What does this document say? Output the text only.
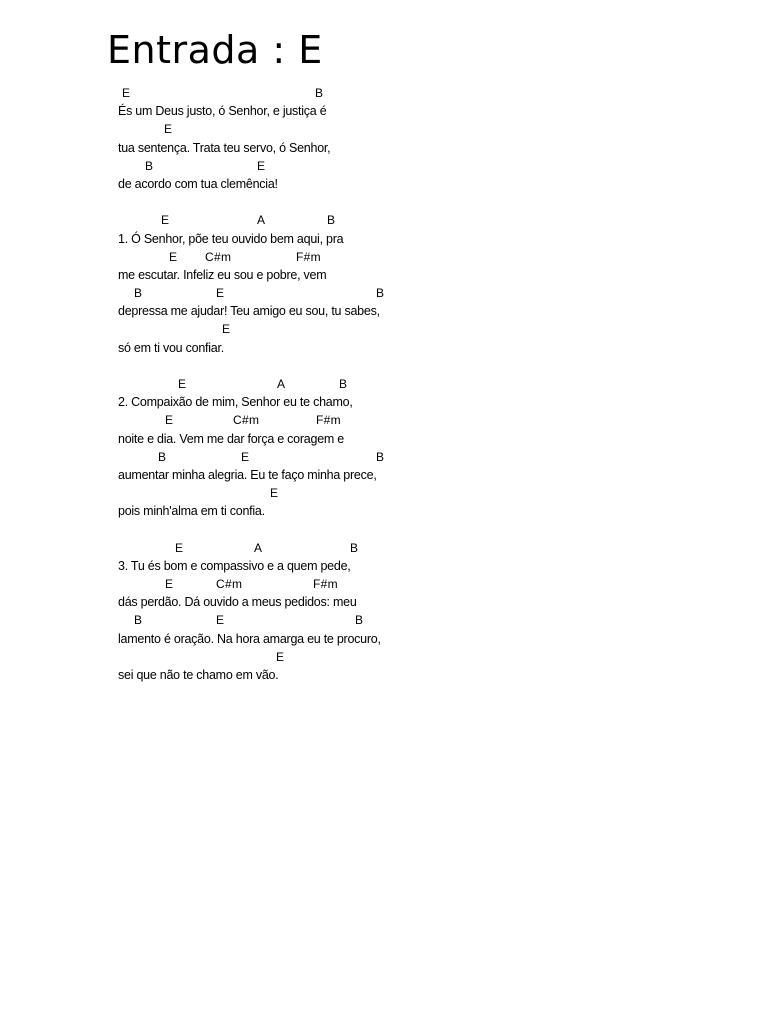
Entrada : E
E	B
És um Deus justo, ó Senhor, e justiça é
E
tua sentença. Trata teu servo, ó Senhor,
B	E
de acordo com tua clemência!
E	A	B
1. Ó Senhor, põe teu ouvido bem aqui, pra
E C#m	F#m
me escutar. Infeliz eu sou e pobre, vem
B	E	B
depressa me ajudar! Teu amigo eu sou, tu sabes,
E
só em ti vou confiar.
E	A	B
2. Compaixão de mim, Senhor eu te chamo,
E	C#m	F#m
noite e dia. Vem me dar força e coragem e
B	E	B
aumentar minha alegria. Eu te faço minha prece,
E
pois minh'alma em ti confia.
E	A	B
3. Tu és bom e compassivo e a quem pede,
E	C#m	F#m
dás perdão. Dá ouvido a meus pedidos: meu
B	E	B
lamento é oração. Na hora amarga eu te procuro,
E
sei que não te chamo em vão.
